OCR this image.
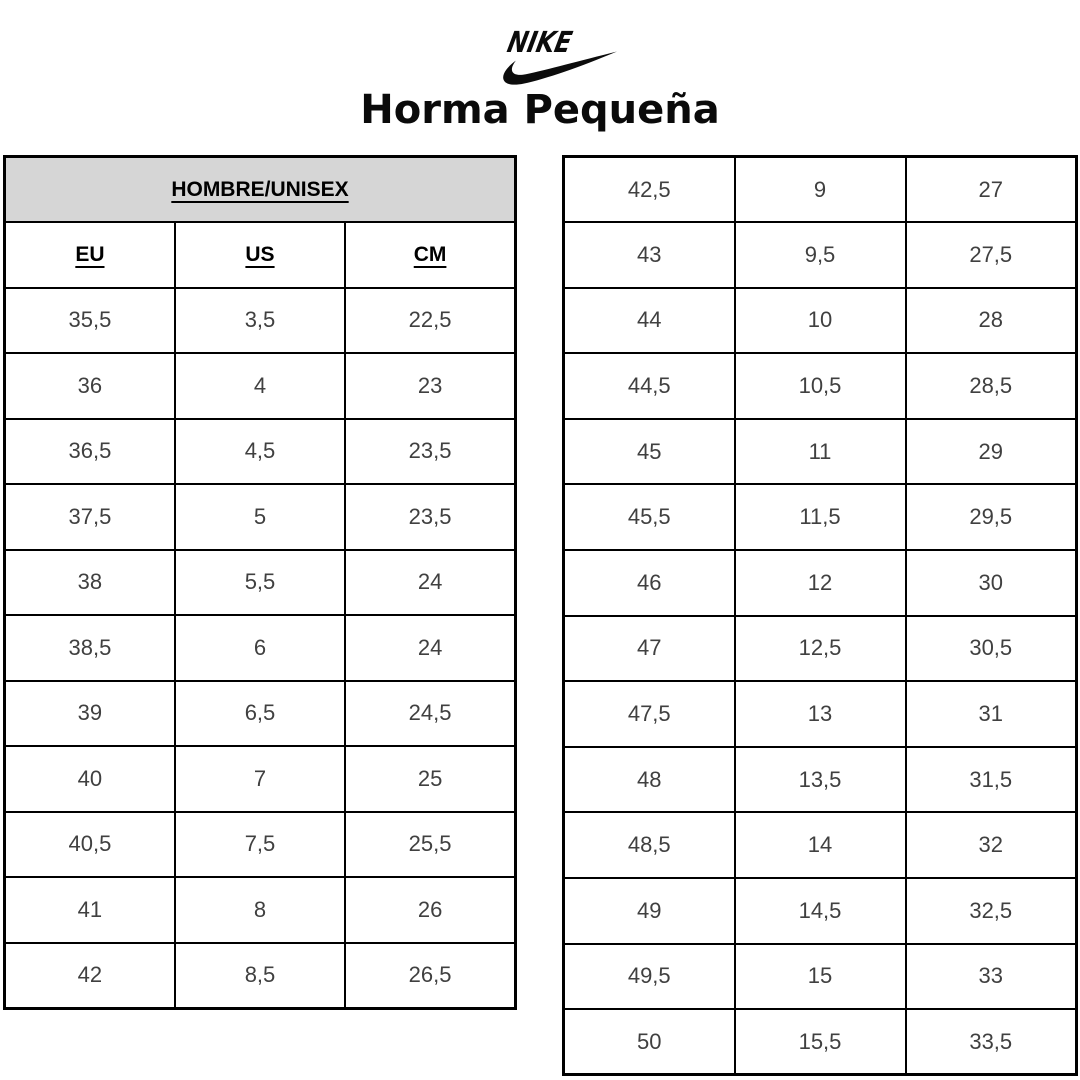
NIKE
Horma Pequeña
HOMBRE/UNISEX		
EU	US	CM
35,5	3,5	22,5
36	4	23
36,5	4,5	23,5
37,5	5	23,5
38	5,5	24
38,5	6	24
39	6,5	24,5
40	7	25
40,5	7,5	25,5
41	8	26
42	8,5	26,5
42,5	9	27
43	9,5	27,5
44	10	28
44,5	10,5	28,5
45	11	29
45,5	11,5	29,5
46	12	30
47	12,5	30,5
47,5	13	31
48	13,5	31,5
48,5	14	32
49	14,5	32,5
49,5	15	33
50	15,5	33,5
